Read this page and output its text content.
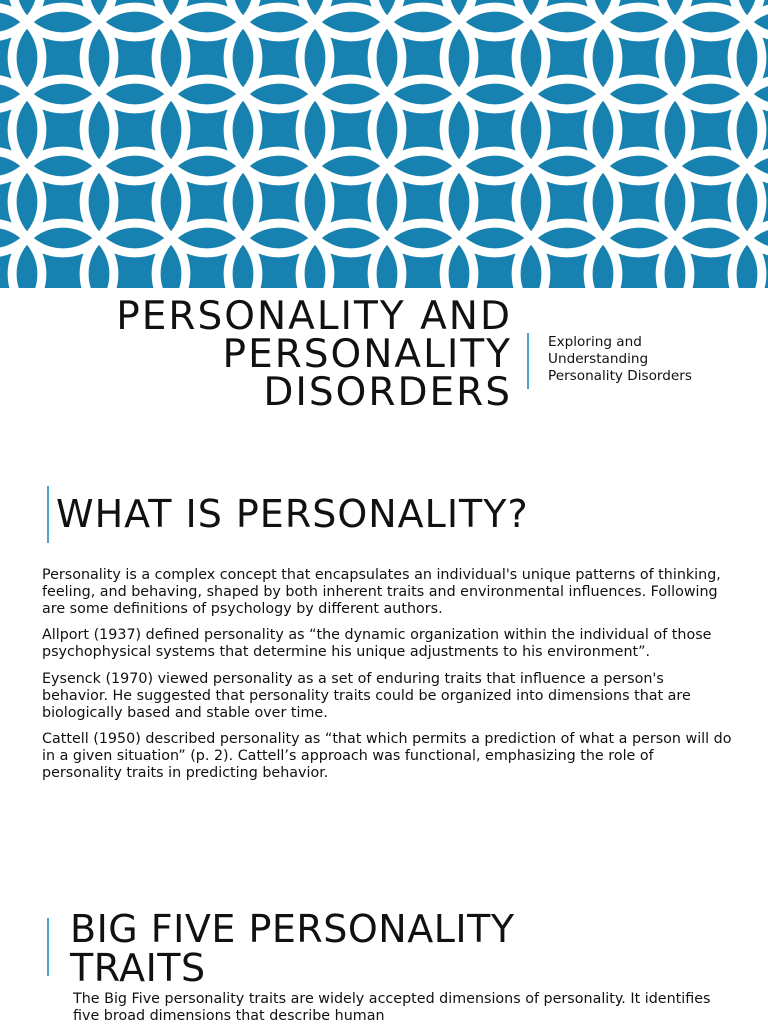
PERSONALITY AND
PERSONALITY
DISORDERS
Exploring and
Understanding
Personality Disorders
WHAT IS PERSONALITY?

Personality is a complex concept that encapsulates an individual's unique patterns of thinking, feeling, and behaving, shaped by both inherent traits and environmental influences. Following are some definitions of psychology by different authors.

Allport (1937) defined personality as “the dynamic organization within the individual of those psychophysical systems that determine his unique adjustments to his environment”.

Eysenck (1970) viewed personality as a set of enduring traits that influence a person's behavior. He suggested that personality traits could be organized into dimensions that are biologically based and stable over time.

Cattell (1950) described personality as “that which permits a prediction of what a person will do in a given situation” (p. 2). Cattell’s approach was functional, emphasizing the role of personality traits in predicting behavior.

BIG FIVE PERSONALITY
TRAITS

The Big Five personality traits are widely accepted dimensions of personality. It identifies five broad dimensions that describe human
